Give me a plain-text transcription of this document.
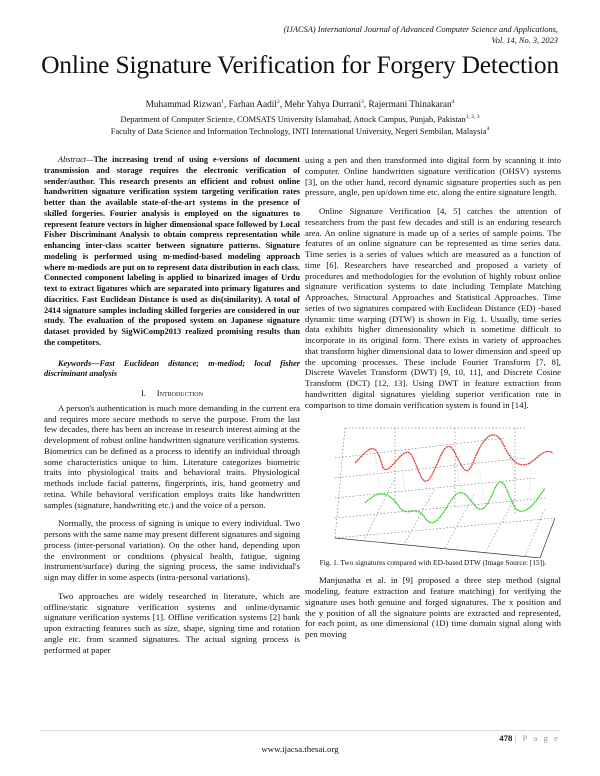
(IJACSA) International Journal of Advanced Computer Science and Applications,
Vol. 14, No. 3, 2023
Online Signature Verification for Forgery Detection
Muhammad Rizwan$^1$, Farhan Aadil$^2$, Mehr Yahya Durrani$^3$, Rajermani Thinakaran$^4$
Department of Computer Science, COMSATS University Islamabad, Attock Campus, Punjab, Pakistan$^{1, 2, 3}$
Faculty of Data Science and Information Technology, INTI International University, Negeri Sembilan, Malaysia$^4$

Abstract—The increasing trend of using e-versions of document transmission and storage requires the electronic verification of sender/author. This research presents an efficient and robust online handwritten signature verification system targeting verification rates better than the available state-of-the-art systems in the presence of skilled forgeries. Fourier analysis is employed on the signatures to represent feature vectors in higher dimensional space followed by Local Fisher Discriminant Analysis to obtain compress representation while enhancing inter-class scatter between signature patterns. Signature modeling is performed using m-mediod-based modeling approach where m-mediods are put on to represent data distribution in each class. Connected component labeling is applied to binarized images of Urdu text to extract ligatures which are separated into primary ligatures and diacritics. Fast Euclidean Distance is used as dis(similarity). A total of 2414 signature samples including skilled forgeries are considered in our study. The evaluation of the proposed system on Japanese signature dataset provided by SigWiComp2013 realized promising results than the competitors.

Keywords—Fast Euclidean distance; m-mediod; local fisher discriminant analysis

I. Introduction

A person's authentication is much more demanding in the current era and requires more secure methods to serve the purpose. From the last few decades, there has been an increase in research interest aiming at the development of robust online handwritten signature verification systems. Biometrics can be defined as a process to identify an individual through some characteristics unique to him. Literature categorizes biometric traits into physiological traits and behavioral traits. Physiological methods include facial patterns, fingerprints, iris, hand geometry and retina. While behavioral verification employs traits like handwritten samples (signature, handwriting etc.) and the voice of a person.

Normally, the process of signing is unique to every individual. Two persons with the same name may present different signatures and signing process (inter-personal variation). On the other hand, depending upon the environment or conditions (physical health, fatigue, signing instrument/surface) during the signing process, the same individual's sign may differ in some aspects (intra-personal variations).

Two approaches are widely researched in literature, which are offline/static signature verification systems and online/dynamic signature verification systems [1]. Offline verification systems [2] bank upon extracting features such as size, shape, signing time and rotation angle etc. from scanned signatures. The actual signing process is performed at paper

using a pen and then transformed into digital form by scanning it into computer. Online handwritten signature verification (OHSV) systems [3], on the other hand, record dynamic signature properties such as pen pressure, angle, pen up/down time etc. along the entire signature length.

Online Signature Verification [4, 5] catches the attention of researchers from the past few decades and still is an enduring research area. An online signature is made up of a series of sample points. The features of an online signature can be represented as time series data. Time series is a series of values which are measured as a function of time [6]. Researchers have researched and proposed a variety of procedures and methodologies for the evolution of highly robust online signature verification systems to date including Template Matching Approaches, Structural Approaches and Statistical Approaches. Time series of two signatures compared with Euclidean Distance (ED) -based dynamic time warping (DTW) is shown in Fig. 1. Usually, time series data exhibits higher dimensionality which is sometime difficult to incorporate in its original form. There exists in variety of approaches that transform higher dimensional data to lower dimension and speed up the upcoming processes. These include Fourier Transform [7, 8], Discrete Wavelet Transform (DWT) [9, 10, 11], and Discrete Cosine Transform (DCT) [12, 13]. Using DWT in feature extraction from handwritten digital signatures yielding superior verification rate in comparison to time domain verification system is found in [14].

Fig. 1. Two signatures compared with ED-based DTW (Image Source: [15]).

Manjunatha et al. in [9] proposed a three step method (signal modeling, feature extraction and feature matching) for verifying the signature uses both genuine and forged signatures. The x position and the y position of all the signature points are extracted and represented, for each point, as one dimensional (1D) time domain signal along with pen moving

478 | P a g e
www.ijacsa.thesai.org
